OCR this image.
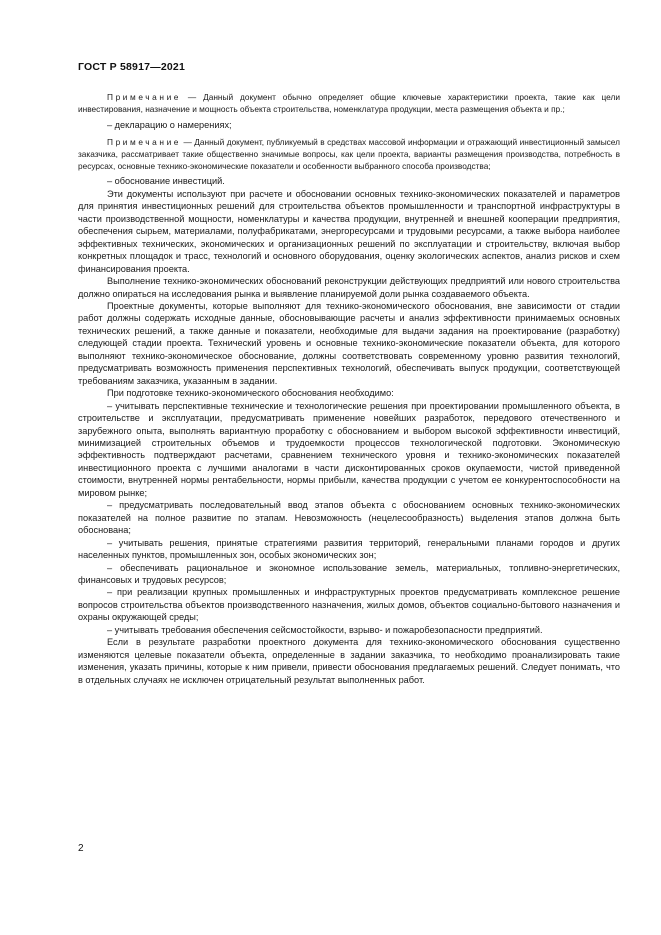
ГОСТ Р 58917—2021

Примечание — Данный документ обычно определяет общие ключевые характеристики проекта, такие как цели инвестирования, назначение и мощность объекта строительства, номенклатура продукции, места размещения объекта и пр.;

– декларацию о намерениях;

Примечание — Данный документ, публикуемый в средствах массовой информации и отражающий инвестиционный замысел заказчика, рассматривает такие общественно значимые вопросы, как цели проекта, варианты размещения производства, потребность в ресурсах, основные технико-экономические показатели и особенности выбранного способа производства;

– обоснование инвестиций.

Эти документы используют при расчете и обосновании основных технико-экономических показателей и параметров для принятия инвестиционных решений для строительства объектов промышленности и транспортной инфраструктуры в части производственной мощности, номенклатуры и качества продукции, внутренней и внешней кооперации предприятия, обеспечения сырьем, материалами, полуфабрикатами, энергоресурсами и трудовыми ресурсами, а также выбора наиболее эффективных технических, экономических и организационных решений по эксплуатации и строительству, включая выбор конкретных площадок и трасс, технологий и основного оборудования, оценку экологических аспектов, анализ рисков и схем финансирования проекта.

Выполнение технико-экономических обоснований реконструкции действующих предприятий или нового строительства должно опираться на исследования рынка и выявление планируемой доли рынка создаваемого объекта.

Проектные документы, которые выполняют для технико-экономического обоснования, вне зависимости от стадии работ должны содержать исходные данные, обосновывающие расчеты и анализ эффективности принимаемых основных технических решений, а также данные и показатели, необходимые для выдачи задания на проектирование (разработку) следующей стадии проекта. Технический уровень и основные технико-экономические показатели объекта, для которого выполняют технико-экономическое обоснование, должны соответствовать современному уровню развития технологий, предусматривать возможность применения перспективных технологий, обеспечивать выпуск продукции, соответствующей требованиям заказчика, указанным в задании.

При подготовке технико-экономического обоснования необходимо:

– учитывать перспективные технические и технологические решения при проектировании промышленного объекта, в строительстве и эксплуатации, предусматривать применение новейших разработок, передового отечественного и зарубежного опыта, выполнять вариантную проработку с обоснованием и выбором высокой эффективности инвестиций, минимизацией строительных объемов и трудоемкости процессов технологической подготовки. Экономическую эффективность подтверждают расчетами, сравнением технического уровня и технико-экономических показателей инвестиционного проекта с лучшими аналогами в части дисконтированных сроков окупаемости, чистой приведенной стоимости, внутренней нормы рентабельности, нормы прибыли, качества продукции с учетом ее конкурентоспособности на мировом рынке;

– предусматривать последовательный ввод этапов объекта с обоснованием основных технико-экономических показателей на полное развитие по этапам. Невозможность (нецелесообразность) выделения этапов должна быть обоснована;

– учитывать решения, принятые стратегиями развития территорий, генеральными планами городов и других населенных пунктов, промышленных зон, особых экономических зон;

– обеспечивать рациональное и экономное использование земель, материальных, топливно-энергетических, финансовых и трудовых ресурсов;

– при реализации крупных промышленных и инфраструктурных проектов предусматривать комплексное решение вопросов строительства объектов производственного назначения, жилых домов, объектов социально-бытового назначения и охраны окружающей среды;

– учитывать требования обеспечения сейсмостойкости, взрыво- и пожаробезопасности предприятий.

Если в результате разработки проектного документа для технико-экономического обоснования существенно изменяются целевые показатели объекта, определенные в задании заказчика, то необходимо проанализировать такие изменения, указать причины, которые к ним привели, привести обоснования предлагаемых решений. Следует понимать, что в отдельных случаях не исключен отрицательный результат выполненных работ.

2
